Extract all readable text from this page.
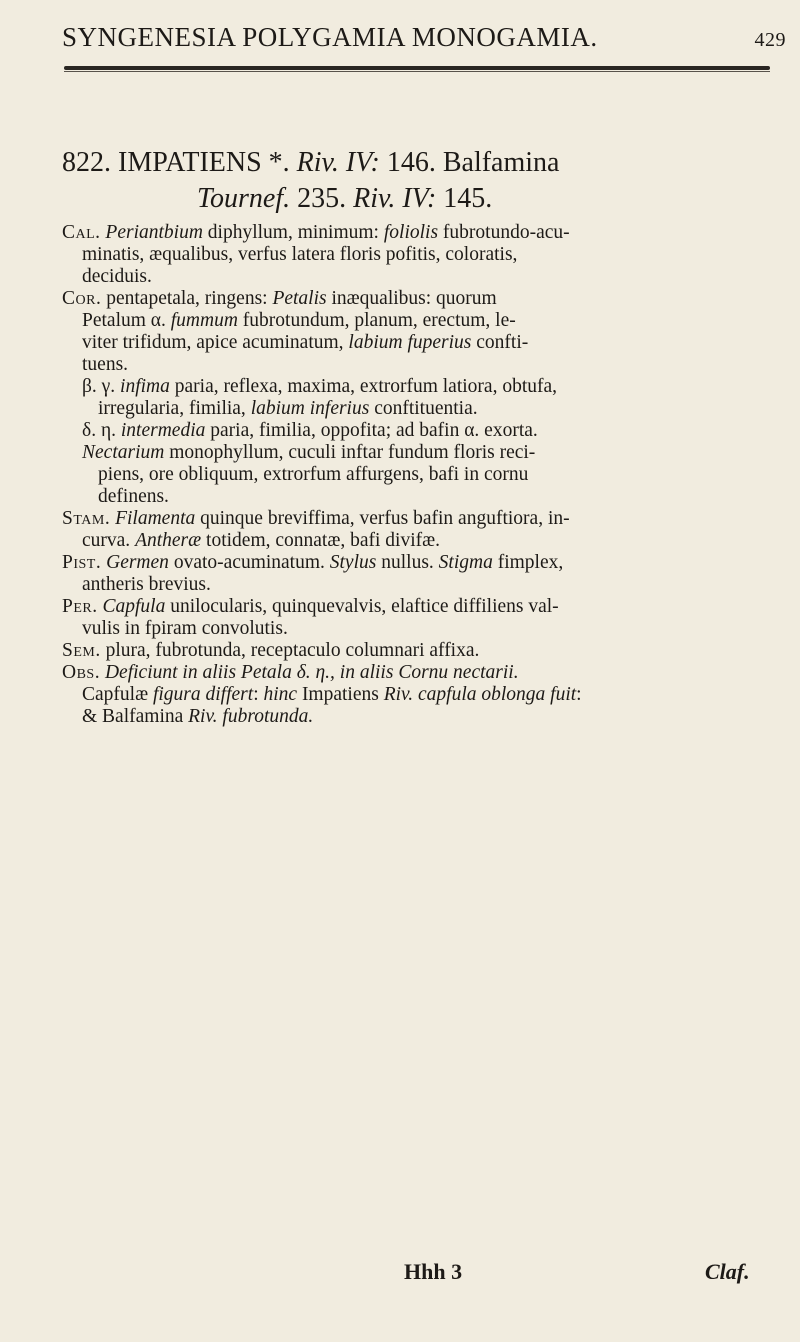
SYNGENESIA POLYGAMIA MONOGAMIA.	429
822. IMPATIENS *. Riv. IV: 146. Balfamina
Tournef. 235. Riv. IV: 145.
Cal. Periantbium diphyllum, minimum: foliolis fubrotundo-acu-
minatis, æqualibus, verfus latera floris pofitis, coloratis,
deciduis.
Cor. pentapetala, ringens: Petalis inæqualibus: quorum
Petalum α. fummum fubrotundum, planum, erectum, le-
viter trifidum, apice acuminatum, labium fuperius confti-
tuens.
β. γ. infima paria, reflexa, maxima, extrorfum latiora, obtufa,
irregularia, fimilia, labium inferius conftituentia.
δ. η. intermedia paria, fimilia, oppofita; ad bafin α. exorta.
Nectarium monophyllum, cuculi inftar fundum floris reci-
piens, ore obliquum, extrorfum affurgens, bafi in cornu
definens.
Stam. Filamenta quinque breviffima, verfus bafin anguftiora, in-
curva. Antheræ totidem, connatæ, bafi divifæ.
Pist. Germen ovato-acuminatum. Stylus nullus. Stigma fimplex,
antheris brevius.
Per. Capfula unilocularis, quinquevalvis, elaftice diffiliens val-
vulis in fpiram convolutis.
Sem. plura, fubrotunda, receptaculo columnari affixa.
Obs. Deficiunt in aliis Petala δ. η., in aliis Cornu nectarii.
Capfulæ figura differt: hinc Impatiens Riv. capfula oblonga fuit:
& Balfamina Riv. fubrotunda.
Hhh 3	Claf.
